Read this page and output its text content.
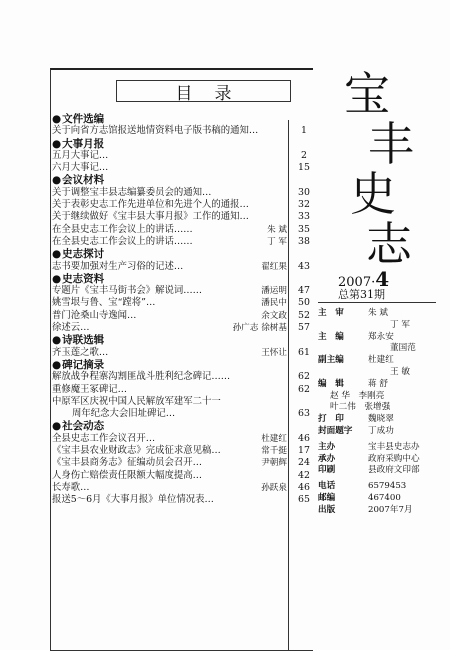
目录
●文件选编
关于向省方志馆报送地情资料电子版书稿的通知…	1
●大事月报
五月大事记…	2
六月大事记…	15
●会议材料
关于调整宝丰县志编纂委员会的通知…	30
关于表彰史志工作先进单位和先进个人的通报…	32
关于继续做好《宝丰县大事月报》工作的通知…	33
在全县史志工作会议上的讲话……	朱 斌	35
在全县史志工作会议上的讲话……	丁 军	38
●史志探讨
志书要加强对生产习俗的记述…	翟红果	43
●史志资料
专题片《宝丰马街书会》解说词……	潘运明	47
姚雪垠与鲁、宝“蹚将”…	潘民中	50
普门沧桑山寺逸闻…	余文政	52
徐述云…	孙广志 徐树基	57
●诗联选辑
齐玉莲之歌…	王怀让	61
●碑记摘录
解放战争程寨沟割匪战斗胜利纪念碑记……	62
重修魔王冢碑记…	62
中原军区庆祝中国人民解放军建军二十一
周年纪念大会旧址碑记…	63
●社会动态
全县史志工作会议召开…	杜建红	46
《宝丰县农业财政志》完成征求意见稿…	常千挺	17
《宝丰县商务志》征编动员会召开…	尹朝辉	24
人身伤亡赔偿责任限额大幅度提高…	42
长寿歌…	孙跃泉	46
报送5～6月《大事月报》单位情况表…	65
宝
丰
史
志
2007·4
总第31期
主　审	朱 斌
丁 军
主　编	郑永安
董国范
副主编	杜建红
王 敏
编　辑	蒋 舒
赵 华　李刚亮
叶二伟　张增强
打　印	魏晓翠
封面题字	丁成功
主办	宝丰县史志办
承办	政府采购中心
印刷	县政府文印部
电话	6579453
邮编	467400
出版	2007年7月
